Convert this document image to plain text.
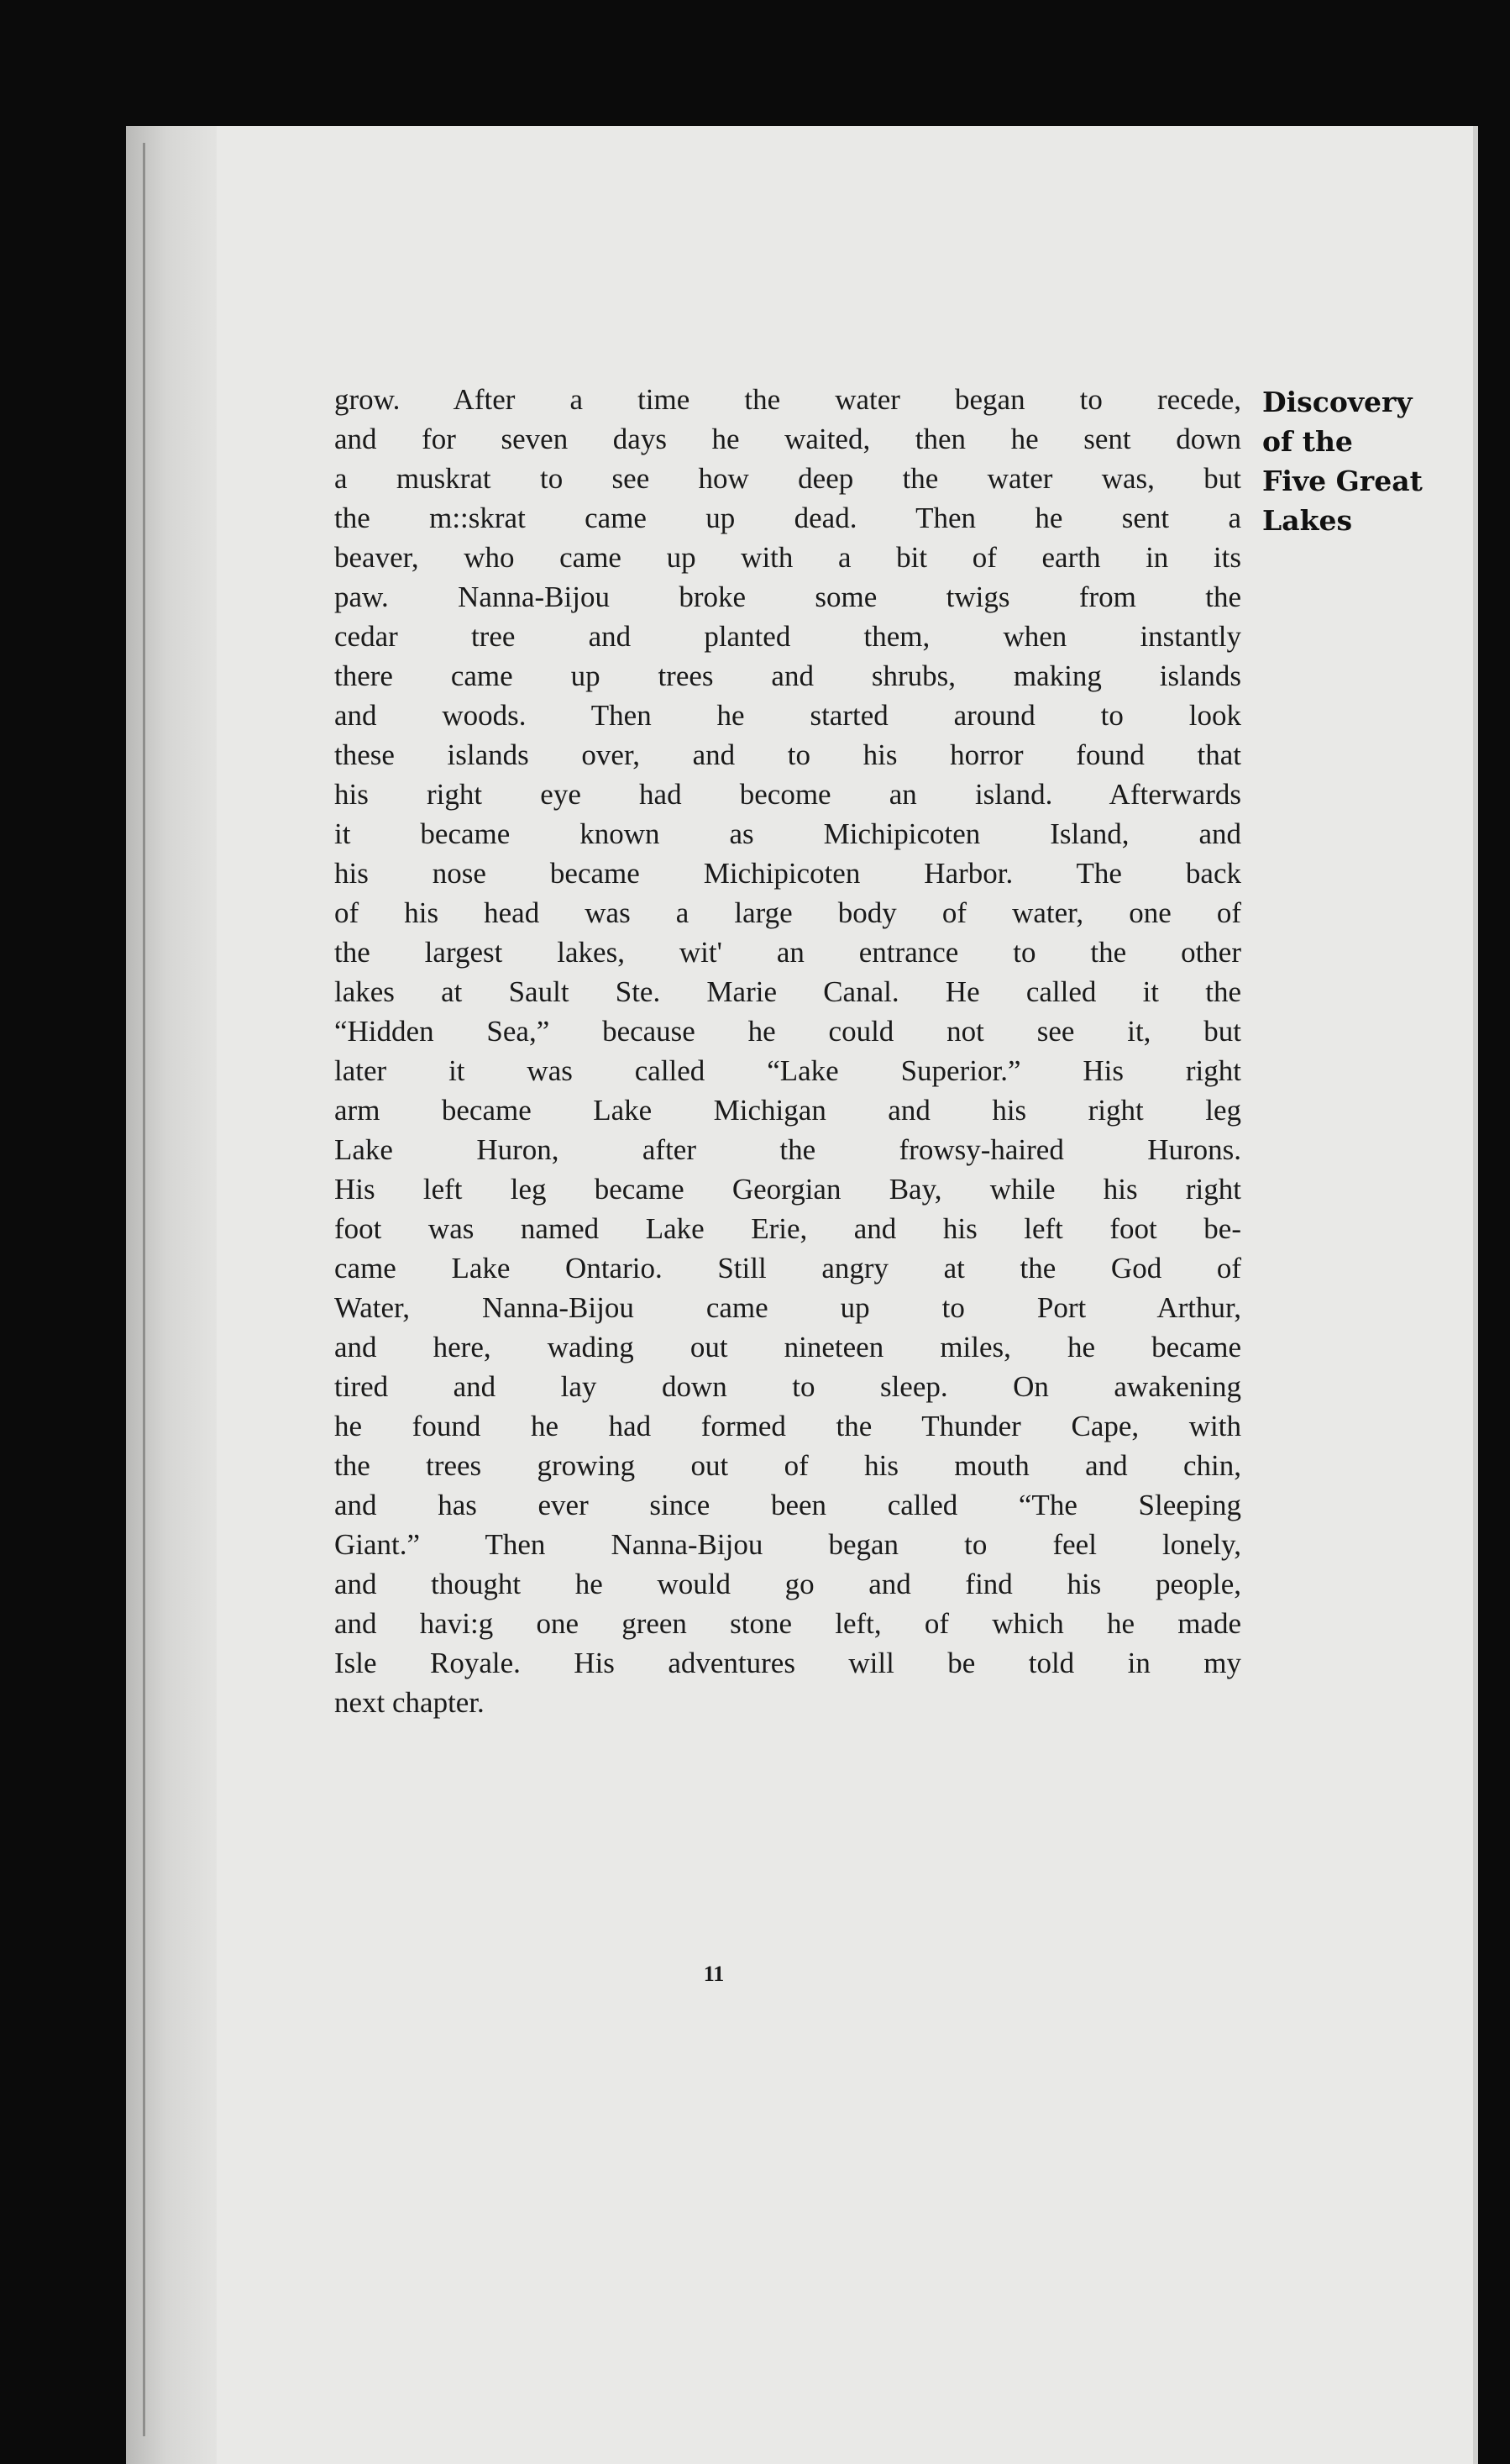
Discovery
of the
Five Great
Lakes
grow. After a time the water began to recede,
and for seven days he waited, then he sent down
a muskrat to see how deep the water was, but
the m::skrat came up dead. Then he sent a
beaver, who came up with a bit of earth in its
paw. Nanna-Bijou broke some twigs from the
cedar tree and planted them, when instantly
there came up trees and shrubs, making islands
and woods. Then he started around to look
these islands over, and to his horror found that
his right eye had become an island. Afterwards
it became known as Michipicoten Island, and
his nose became Michipicoten Harbor. The back
of his head was a large body of water, one of
the largest lakes, wit' an entrance to the other
lakes at Sault Ste. Marie Canal. He called it the
“Hidden Sea,” because he could not see it, but
later it was called “Lake Superior.” His right
arm became Lake Michigan and his right leg
Lake Huron, after the frowsy-haired Hurons.
His left leg became Georgian Bay, while his right
foot was named Lake Erie, and his left foot be-
came Lake Ontario. Still angry at the God of
Water, Nanna-Bijou came up to Port Arthur,
and here, wading out nineteen miles, he became
tired and lay down to sleep. On awakening
he found he had formed the Thunder Cape, with
the trees growing out of his mouth and chin,
and has ever since been called “The Sleeping
Giant.” Then Nanna-Bijou began to feel lonely,
and thought he would go and find his people,
and havi:g one green stone left, of which he made
Isle Royale. His adventures will be told in my
next chapter.
11
